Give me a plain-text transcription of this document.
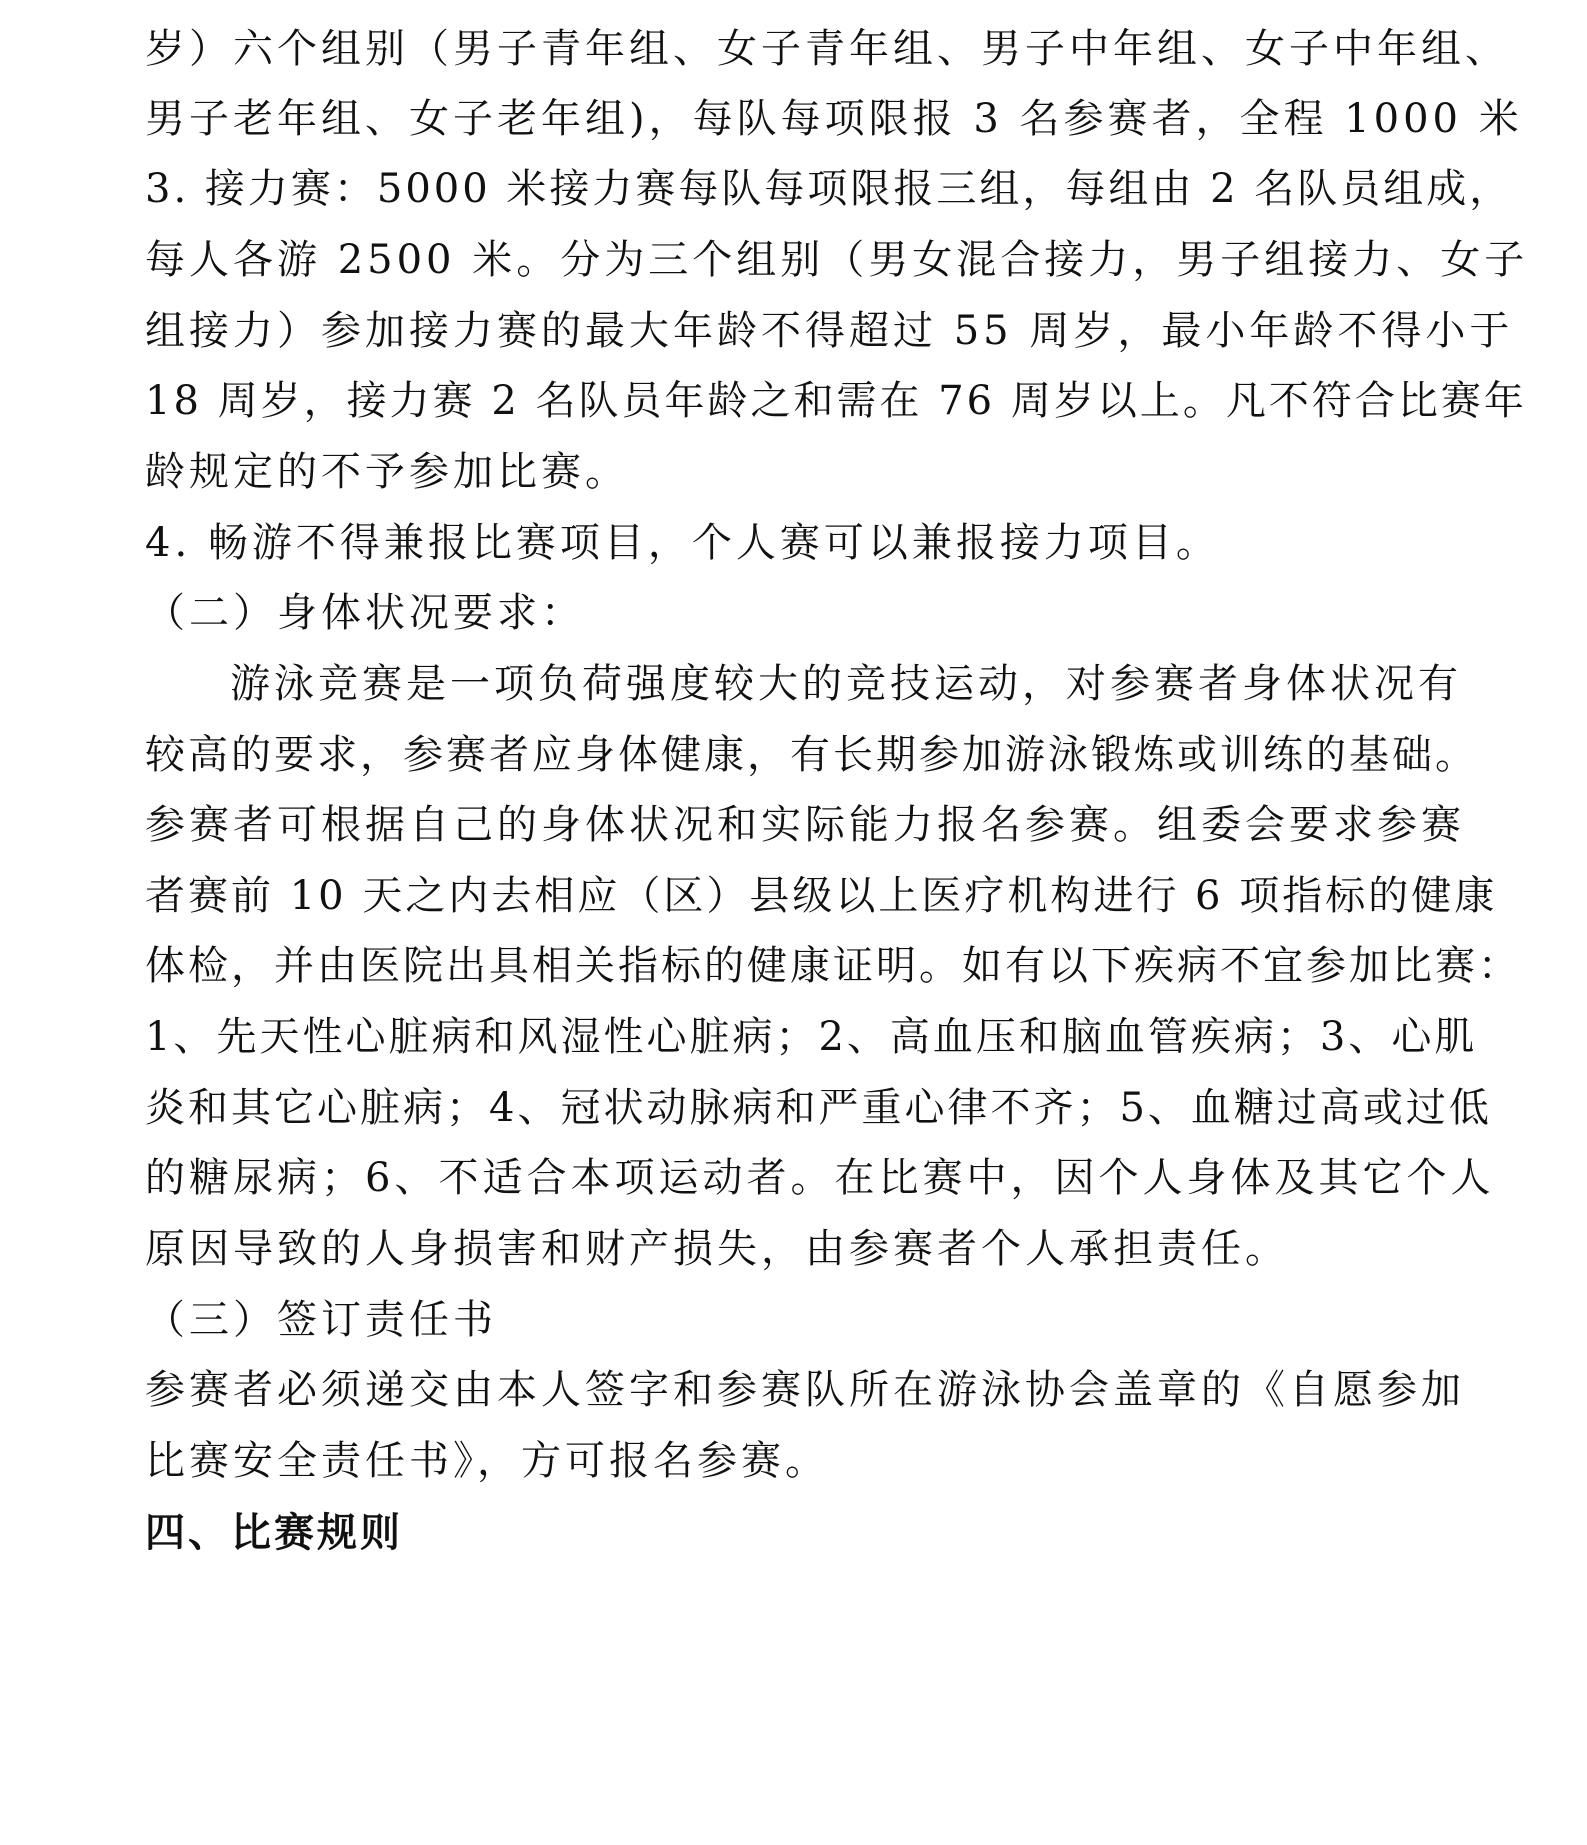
岁）六个组别（男子青年组、女子青年组、男子中年组、女子中年组、
男子老年组、女子老年组)，每队每项限报 3 名参赛者，全程 1000 米
3. 接力赛：5000 米接力赛每队每项限报三组，每组由 2 名队员组成，
每人各游 2500 米。分为三个组别（男女混合接力，男子组接力、女子
组接力）参加接力赛的最大年龄不得超过 55 周岁，最小年龄不得小于
18 周岁，接力赛 2 名队员年龄之和需在 76 周岁以上。凡不符合比赛年
龄规定的不予参加比赛。
4. 畅游不得兼报比赛项目，个人赛可以兼报接力项目。
（二）身体状况要求：
游泳竞赛是一项负荷强度较大的竞技运动，对参赛者身体状况有
较高的要求，参赛者应身体健康，有长期参加游泳锻炼或训练的基础。
参赛者可根据自己的身体状况和实际能力报名参赛。组委会要求参赛
者赛前 10 天之内去相应（区）县级以上医疗机构进行 6 项指标的健康
体检，并由医院出具相关指标的健康证明。如有以下疾病不宜参加比赛：
1、先天性心脏病和风湿性心脏病；2、高血压和脑血管疾病；3、心肌
炎和其它心脏病；4、冠状动脉病和严重心律不齐；5、血糖过高或过低
的糖尿病；6、不适合本项运动者。在比赛中，因个人身体及其它个人
原因导致的人身损害和财产损失，由参赛者个人承担责任。
（三）签订责任书
参赛者必须递交由本人签字和参赛队所在游泳协会盖章的《自愿参加
比赛安全责任书》，方可报名参赛。
四、比赛规则
